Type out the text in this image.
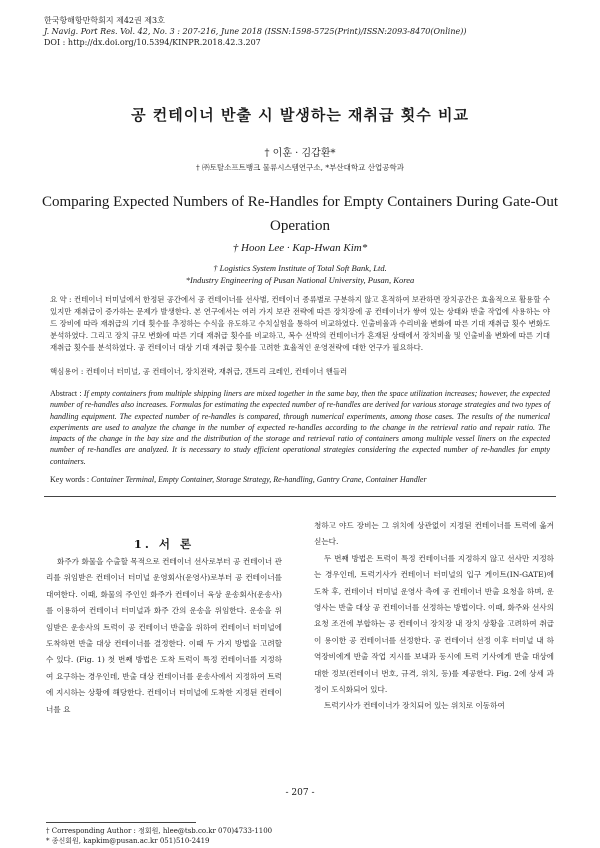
한국항해항만학회지 제42권 제3호
J. Navig. Port Res. Vol. 42, No. 3 : 207-216, June 2018 (ISSN:1598-5725(Print)/ISSN:2093-8470(Online))
DOI : http://dx.doi.org/10.5394/KINPR.2018.42.3.207
공 컨테이너 반출 시 발생하는 재취급 횟수 비교
† 이훈 · 김갑환*
† ㈜토탈소프트뱅크 물류시스템연구소, *부산대학교 산업공학과
Comparing Expected Numbers of Re-Handles for Empty Containers During Gate-Out Operation
† Hoon Lee · Kap-Hwan Kim*
† Logistics System Institute of Total Soft Bank, Ltd.
*Industry Engineering of Pusan National University, Pusan, Korea
요 약 : 컨테이너 터미널에서 한정된 공간에서 공 컨테이너를 선사별, 컨테이너 종류별로 구분하지 않고 혼적하여 보관하면 장치공간은 효율적으로 활용할 수 있지만 재취급이 증가하는 문제가 발생한다. 본 연구에서는 여러 가지 보관 전략에 따른 장치장에 공 컨테이너가 쌓여 있는 상태와 반출 작업에 사용하는 야드 장비에 따라 재취급의 기대 횟수를 추정하는 수식을 유도하고 수치실험을 통하여 비교하였다. 인출비율과 수리비율 변화에 따른 기대 재취급 횟수 변화도 분석하였다. 그리고 장치 규모 변화에 따른 기대 재취급 횟수를 비교하고, 복수 선박의 컨테이너가 혼재된 상태에서 장치비율 및 인출비율 변화에 따른 기대 재취급 횟수를 분석하였다. 공 컨테이너 대상 기대 재취급 횟수를 고려한 효율적인 운영전략에 대한 연구가 필요하다.
핵심용어 : 컨테이너 터미널, 공 컨테이너, 장치전략, 재취급, 갠트리 크레인, 컨테이너 핸들러
Abstract : If empty containers from multiple shipping liners are mixed together in the same bay, then the space utilization increases; however, the expected number of re-handles also increases. Formulas for estimating the expected number of re-handles are derived for various storage strategies and two types of handling equipment. The expected number of re-handles is compared, through numerical experiments, among those cases. The results of the numerical experiments are used to analyze the change in the number of expected re-handles according to the change in the retrieval ratio and repair ratio. The impacts of the change in the bay size and the distribution of the storage and retrieval ratio of containers among multiple vessel liners on the expected number of re-handles are analyzed. It is necessary to study efficient operational strategies considering the expected number of re-handles for empty containers.
Key words : Container Terminal, Empty Container, Storage Strategy, Re-handling, Gantry Crane, Container Handler
1. 서 론
화주가 화물을 수출할 목적으로 컨테이너 선사로부터 공 컨테이너 관리를 위임받은 컨테이너 터미널 운영회사(운영사)로부터 공 컨테이너를 대여한다. 이때, 화물의 주인인 화주가 컨테이너 육상 운송회사(운송사)를 이용하여 컨테이너 터미널과 화주 간의 운송을 위임한다. 운송을 위임받은 운송사의 트럭이 공 컨테이너 반출을 위하여 컨테이너 터미널에 도착하면 반출 대상 컨테이너를 결정한다. 이때 두 가지 방법을 고려할 수 있다. (Fig. 1) 첫 번째 방법은 도착 트럭이 특정 컨테이너를 지정하여 요구하는 경우인데, 반출 대상 컨테이너를 운송사에서 지정하여 트럭에 지시하는 상황에 해당한다. 컨테이너 터미널에 도착한 지정된 컨테이너를 요

청하고 야드 장비는 그 위치에 상관없이 지정된 컨테이너를 트럭에 옮겨 싣는다.

두 번째 방법은 트럭이 특정 컨테이너를 지정하지 않고 선사만 지정하는 경우인데, 트럭기사가 컨테이너 터미널의 입구 게이트(IN-GATE)에 도착 후, 컨테이너 터미널 운영사 측에 공 컨테이너 반출 요청을 하며, 운영사는 반출 대상 공 컨테이너를 선정하는 방법이다. 이때, 화주와 선사의 요청 조건에 부합하는 공 컨테이너 장치장 내 장치 상황을 고려하여 취급이 용이한 공 컨테이너를 선정한다. 공 컨테이너 선정 이후 터미널 내 하역장비에게 반출 작업 지시를 보내과 동시에 트럭 기사에게 반출 대상에 대한 정보(컨테이너 번호, 규격, 위치, 등)를 제공한다. Fig. 2에 상세 과정이 도식화되어 있다.

트럭기사가 컨테이너가 장치되어 있는 위치로 이동하여

- 207 -
† Corresponding Author : 정회원, hlee@tsb.co.kr 070)4733-1100
* 종신회원, kapkim@pusan.ac.kr 051)510-2419
